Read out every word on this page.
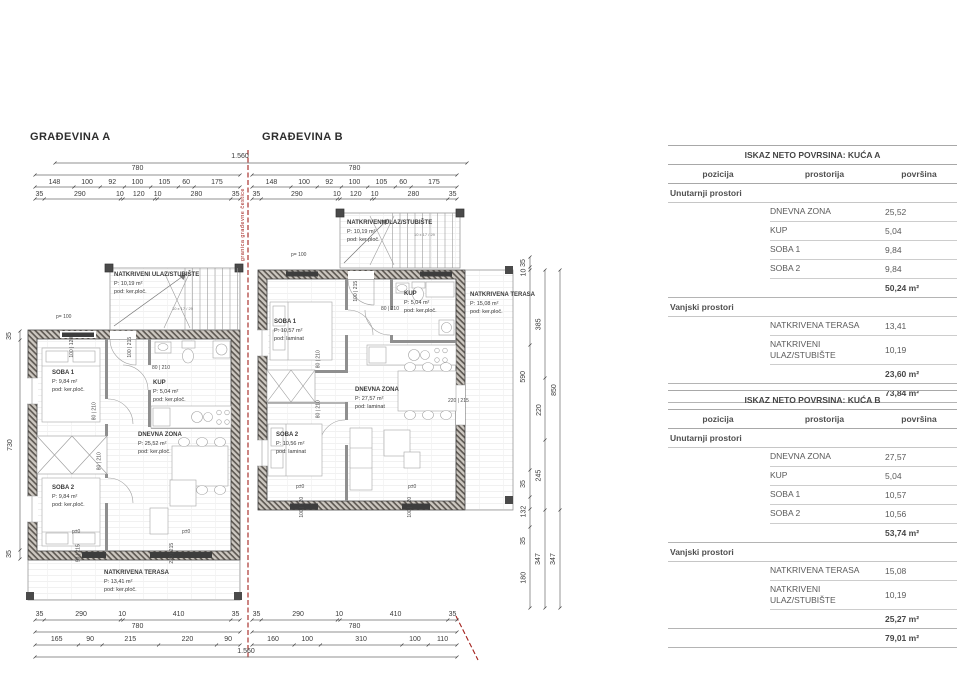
GRAĐEVINA A	GRAĐEVINA B
granica građevne čestice
1.560
780	780
148	100	92	100	105	60	175
35	290	10	120	10	280	35
148	100	92	100	105	60	175
35	290	10	120	10	280	35
35	290	10	410	35 35	290	10	410	35
780	780
165	90	215	220	90	160	100	310	100	110
1.560
35
730
35
35
10
590
35
132
35
180
385
220
245
347
850
347
NATKRIVENI ULAZ/STUBIŠTE
P: 10,19 m²
pod: ker.ploč.
SOBA 1
P: 9,84 m²
pod: ker.ploč.
KUP
P: 5,04 m²
pod: ker.ploč.
DNEVNA ZONA
P: 25,52 m²
pod: ker.ploč.
SOBA 2
P: 9,84 m²
pod: ker.ploč.
NATKRIVENA TERASA
P: 13,41 m²
pod: ker.ploč.
NATKRIVENI ULAZ/STUBIŠTE
P: 10,19 m²
pod: ker.ploč.
SOBA 1
P: 10,57 m²
pod: laminat
KUP
P: 5,04 m²
pod: ker.ploč.
DNEVNA ZONA
P: 27,57 m²
pod: laminat
SOBA 2
P: 10,56 m²
pod: laminat
NATKRIVENA TERASA
P: 15,08 m²
pod: ker.ploč.
p= 100
p±0	p±0
100 | 215
100 | 120
80 | 210
80 | 210
80 | 210
90 | 215	220 | 215
10 x 17 / 29
p= 100
p±0	p±0
100 | 215
80 | 210
80 | 210
80 | 210
100 | 120	100 | 120
220 | 215
10 x 17 / 29
ISKAZ NETO POVRSINA: KUĆA A
pozicija	prostorija	površina
Unutarnji prostori
DNEVNA ZONA	25,52
KUP	5,04
SOBA 1	9,84
SOBA 2	9,84
50,24 m²
Vanjski prostori
NATKRIVENA TERASA	13,41
NATKRIVENI
ULAZ/STUBIŠTE	10,19
23,60 m²
73,84 m²
ISKAZ NETO POVRSINA: KUĆA B
pozicija	prostorija	površina
Unutarnji prostori
DNEVNA ZONA	27,57
KUP	5,04
SOBA 1	10,57
SOBA 2	10,56
53,74 m²
Vanjski prostori
NATKRIVENA TERASA	15,08
NATKRIVENI
ULAZ/STUBIŠTE	10,19
25,27 m²
79,01 m²
